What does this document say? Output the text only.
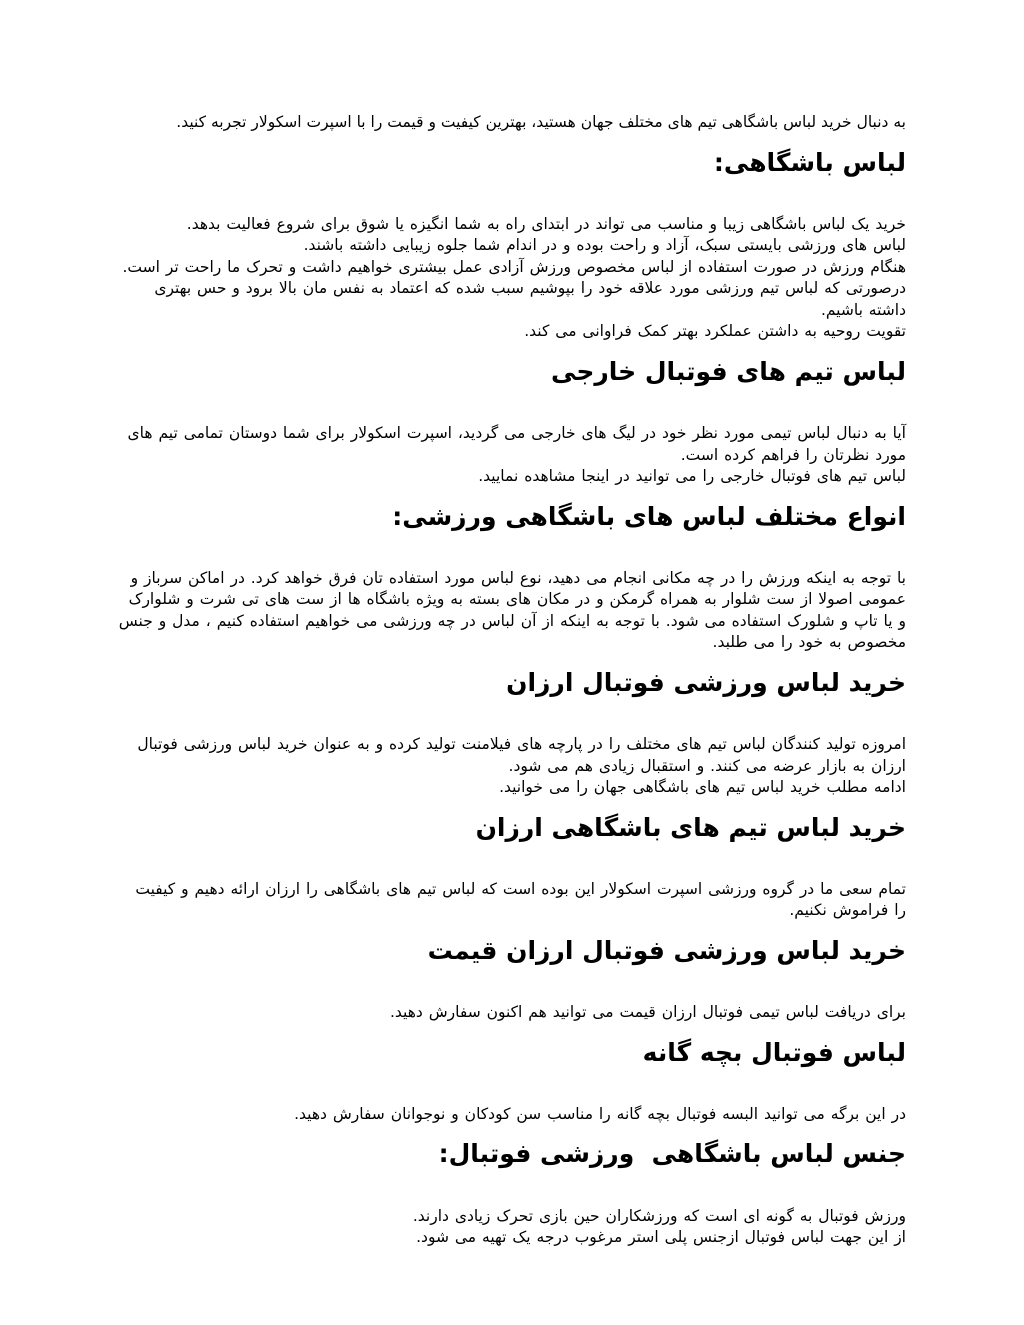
به دنبال خرید لباس باشگاهی تیم های مختلف جهان هستید، بهترین کیفیت و قیمت را با اسپرت اسکولار تجربه کنید.

لباس باشگاهی:

خرید یک لباس باشگاهی زیبا و مناسب می تواند در ابتدای راه به شما انگیزه یا شوق برای شروع فعالیت بدهد.

لباس های ورزشی بایستی سبک، آزاد و راحت بوده و در اندام شما جلوه زیبایی داشته باشند.

هنگام ورزش در صورت استفاده از لباس مخصوص ورزش آزادی عمل بیشتری خواهیم داشت و تحرک ما راحت تر است.

درصورتی که لباس تیم ورزشی مورد علاقه خود را بپوشیم سبب شده که اعتماد به نفس مان بالا برود و حس بهتری داشته باشیم.

تقویت روحیه به داشتن عملکرد بهتر کمک فراوانی می کند.

لباس تیم های فوتبال خارجی

آیا به دنبال لباس تیمی مورد نظر خود در لیگ های خارجی می گردید، اسپرت اسکولار برای شما دوستان تمامی تیم های مورد نظرتان را فراهم کرده است.

لباس تیم های فوتبال خارجی را می توانید در اینجا مشاهده نمایید.

انواع مختلف لباس های باشگاهی ورزشی:

با توجه به اینکه ورزش را در چه مکانی انجام می دهید، نوع لباس مورد استفاده تان فرق خواهد کرد. در اماکن سرباز و عمومی اصولا از ست شلوار به همراه گرمکن و در مکان های بسته به ویژه باشگاه ها از ست های تی شرت و شلوارک و یا تاپ و شلورک استفاده می شود. با توجه به اینکه از آن لباس در چه ورزشی می خواهیم استفاده کنیم ، مدل و جنس مخصوص به خود را می طلبد.

خرید لباس ورزشی فوتبال ارزان

امروزه تولید کنندگان لباس تیم های مختلف را در پارچه های فیلامنت تولید کرده و به عنوان خرید لباس ورزشی فوتبال ارزان به بازار عرضه می کنند. و استقبال زیادی هم می شود.

ادامه مطلب خرید لباس تیم های باشگاهی جهان را می خوانید.

خرید لباس تیم های باشگاهی ارزان

تمام سعی ما در گروه ورزشی اسپرت اسکولار این بوده است که لباس تیم های باشگاهی را ارزان ارائه دهیم و کیفیت را فراموش نکنیم.

خرید لباس ورزشی فوتبال ارزان قیمت

برای دریافت لباس تیمی فوتبال ارزان قیمت می توانید هم اکنون سفارش دهید.

لباس فوتبال بچه گانه

در این برگه می توانید البسه فوتبال بچه گانه را مناسب سن کودکان و نوجوانان سفارش دهید.

جنس لباس باشگاهی  ورزشی فوتبال:

ورزش فوتبال به گونه ای است که ورزشکاران حین بازی تحرک زیادی دارند.

از این جهت لباس فوتبال ازجنس پلی استر مرغوب درجه یک تهیه می شود.
